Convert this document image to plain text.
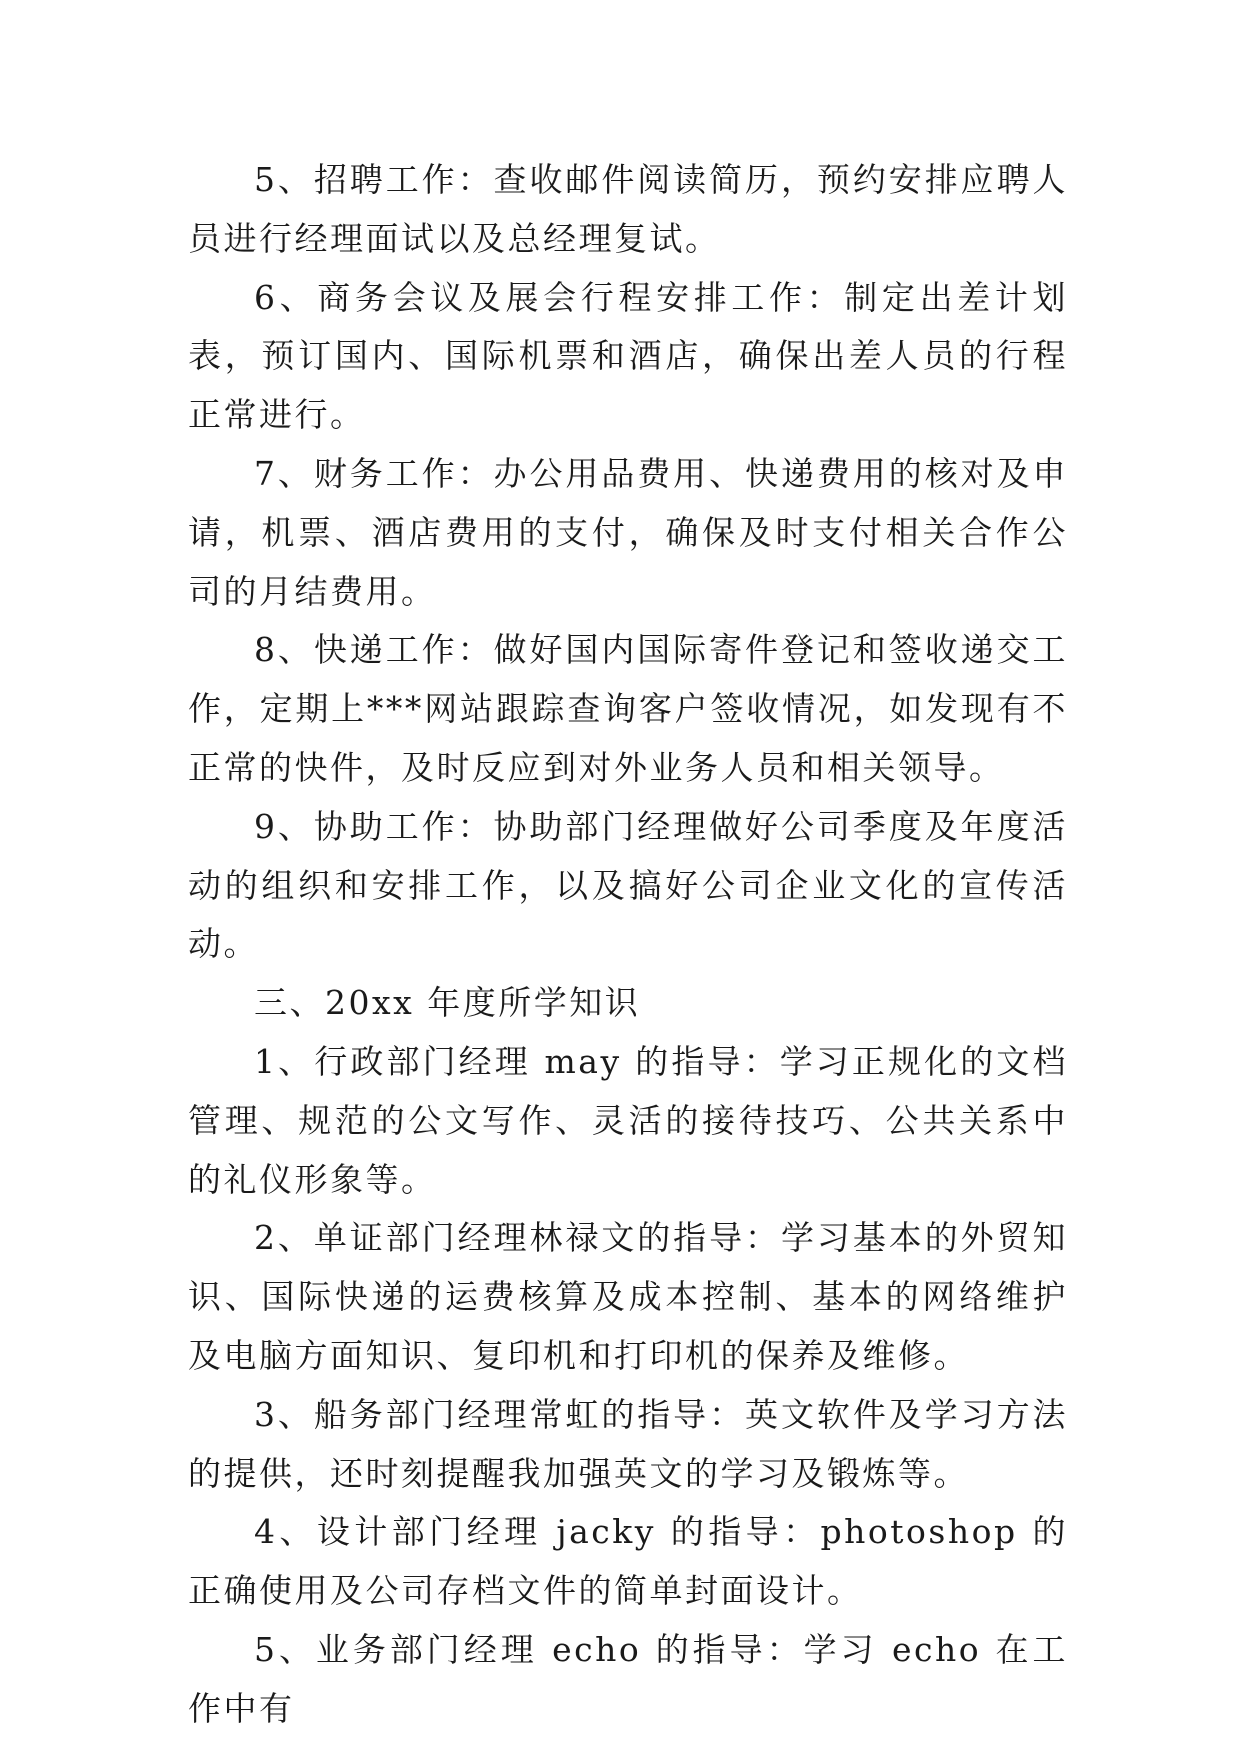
5、招聘工作：查收邮件阅读简历，预约安排应聘人员进行经理面试以及总经理复试。

6、商务会议及展会行程安排工作：制定出差计划表，预订国内、国际机票和酒店，确保出差人员的行程正常进行。

7、财务工作：办公用品费用、快递费用的核对及申请，机票、酒店费用的支付，确保及时支付相关合作公司的月结费用。

8、快递工作：做好国内国际寄件登记和签收递交工作，定期上***网站跟踪查询客户签收情况，如发现有不正常的快件，及时反应到对外业务人员和相关领导。

9、协助工作：协助部门经理做好公司季度及年度活动的组织和安排工作，以及搞好公司企业文化的宣传活动。

三、20xx 年度所学知识

1、行政部门经理 may 的指导：学习正规化的文档管理、规范的公文写作、灵活的接待技巧、公共关系中的礼仪形象等。

2、单证部门经理林禄文的指导：学习基本的外贸知识、国际快递的运费核算及成本控制、基本的网络维护及电脑方面知识、复印机和打印机的保养及维修。

3、船务部门经理常虹的指导：英文软件及学习方法的提供，还时刻提醒我加强英文的学习及锻炼等。

4、设计部门经理 jacky 的指导：photoshop 的正确使用及公司存档文件的简单封面设计。

5、业务部门经理 echo 的指导：学习 echo 在工作中有
